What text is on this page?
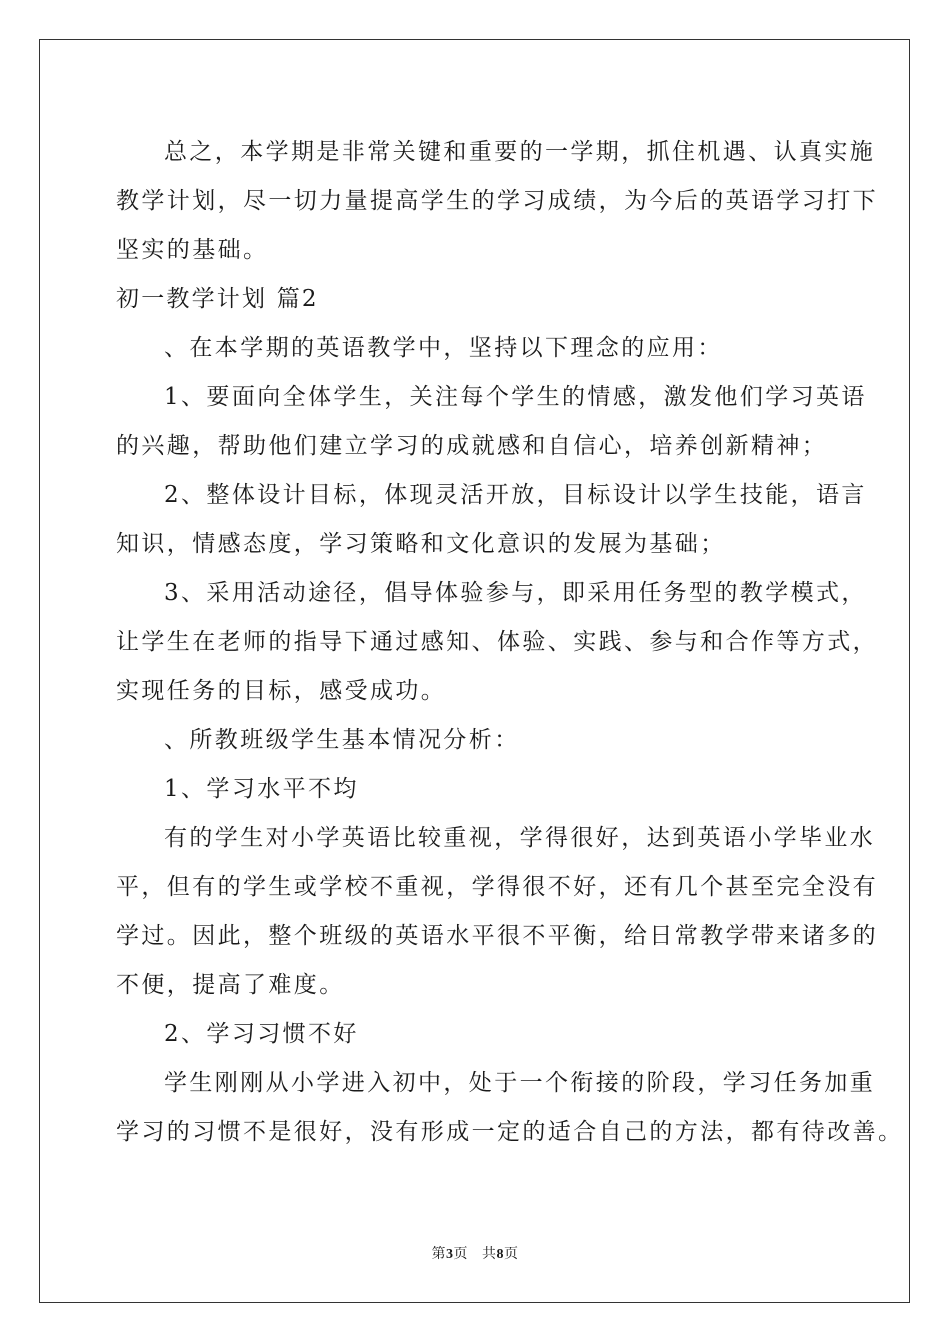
总之，本学期是非常关键和重要的一学期，抓住机遇、认真实施
教学计划，尽一切力量提高学生的学习成绩，为今后的英语学习打下
坚实的基础。
初一教学计划 篇2
、在本学期的英语教学中，坚持以下理念的应用：
1、要面向全体学生，关注每个学生的情感，激发他们学习英语
的兴趣，帮助他们建立学习的成就感和自信心，培养创新精神；
2、整体设计目标，体现灵活开放，目标设计以学生技能，语言
知识，情感态度，学习策略和文化意识的发展为基础；
3、采用活动途径，倡导体验参与，即采用任务型的教学模式，
让学生在老师的指导下通过感知、体验、实践、参与和合作等方式，
实现任务的目标，感受成功。
、所教班级学生基本情况分析：
1、学习水平不均
有的学生对小学英语比较重视，学得很好，达到英语小学毕业水
平，但有的学生或学校不重视，学得很不好，还有几个甚至完全没有
学过。因此，整个班级的英语水平很不平衡，给日常教学带来诸多的
不便，提高了难度。
2、学习习惯不好
学生刚刚从小学进入初中，处于一个衔接的阶段，学习任务加重
学习的习惯不是很好，没有形成一定的适合自己的方法，都有待改善。
第3页 共8页
